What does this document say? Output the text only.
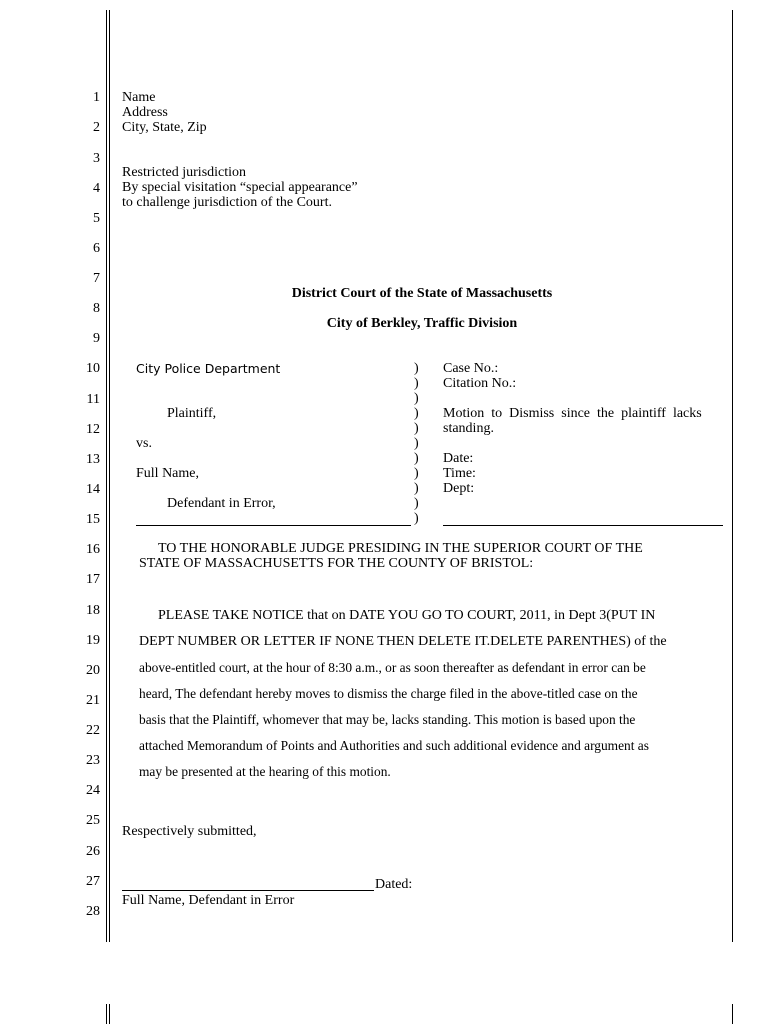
1
2
3
4
5
6
7
8
9
10
11
12
13
14
15
16
17
18
19
20
21
22
23
24
25
26
27
28
Name
Address
City, State, Zip
Restricted jurisdiction
By special visitation “special appearance”
to challenge jurisdiction of the Court.
District Court of the State of Massachusetts
City of Berkley, Traffic Division
City Police Department
Plaintiff,
vs.
Full Name,
Defendant in Error,
)
)
)
)
)
)
)
)
)
)
)
Case No.:
Citation No.:
Motion  to  Dismiss  since  the  plaintiff  lacks
standing.
Date:
Time:
Dept:
TO THE HONORABLE JUDGE PRESIDING IN THE SUPERIOR COURT OF THE
STATE OF MASSACHUSETTS FOR THE COUNTY OF BRISTOL:
PLEASE TAKE NOTICE that on DATE YOU GO TO COURT, 2011, in Dept 3(PUT IN
DEPT NUMBER OR LETTER IF NONE THEN DELETE IT.DELETE PARENTHES) of the
above-entitled court, at the hour of 8:30 a.m., or as soon thereafter as defendant in error can be
heard, The defendant hereby moves to dismiss the charge filed in the above-titled case on the
basis that the Plaintiff, whomever that may be, lacks standing. This motion is based upon the
attached Memorandum of Points and Authorities and such additional evidence and argument as
may be presented at the hearing of this motion.
Respectively submitted,
Dated:
Full Name, Defendant in Error
